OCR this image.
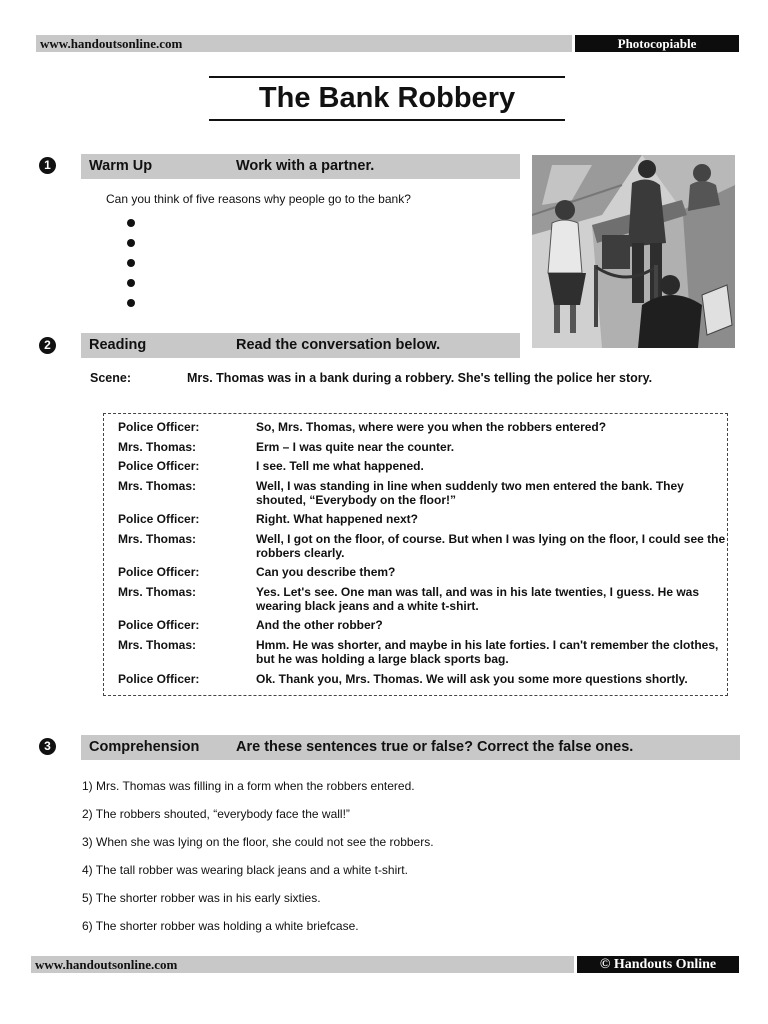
www.handoutsonline.com	Photocopiable
The Bank Robbery
1	Warm Up	Work with a partner.
Can you think of five reasons why people go to the bank?
2	Reading	Read the conversation below.
Scene:	Mrs. Thomas was in a bank during a robbery. She's telling the police her story.
Police Officer:	So, Mrs. Thomas, where were you when the robbers entered?
Mrs. Thomas:	Erm – I was quite near the counter.
Police Officer:	I see. Tell me what happened.
Mrs. Thomas:	Well, I was standing in line when suddenly two men entered the bank. They shouted, “Everybody on the floor!”
Police Officer:	Right. What happened next?
Mrs. Thomas:	Well, I got on the floor, of course. But when I was lying on the floor, I could see the robbers clearly.
Police Officer:	Can you describe them?
Mrs. Thomas:	Yes. Let's see. One man was tall, and was in his late twenties, I guess. He was wearing black jeans and a white t-shirt.
Police Officer:	And the other robber?
Mrs. Thomas:	Hmm. He was shorter, and maybe in his late forties. I can't remember the clothes, but he was holding a large black sports bag.
Police Officer:	Ok. Thank you, Mrs. Thomas. We will ask you some more questions shortly.
3	Comprehension	Are these sentences true or false? Correct the false ones.
1) Mrs. Thomas was filling in a form when the robbers entered.
2) The robbers shouted, “everybody face the wall!”
3) When she was lying on the floor, she could not see the robbers.
4) The tall robber was wearing black jeans and a white t-shirt.
5) The shorter robber was in his early sixties.
6) The shorter robber was holding a white briefcase.
www.handoutsonline.com	© Handouts Online
